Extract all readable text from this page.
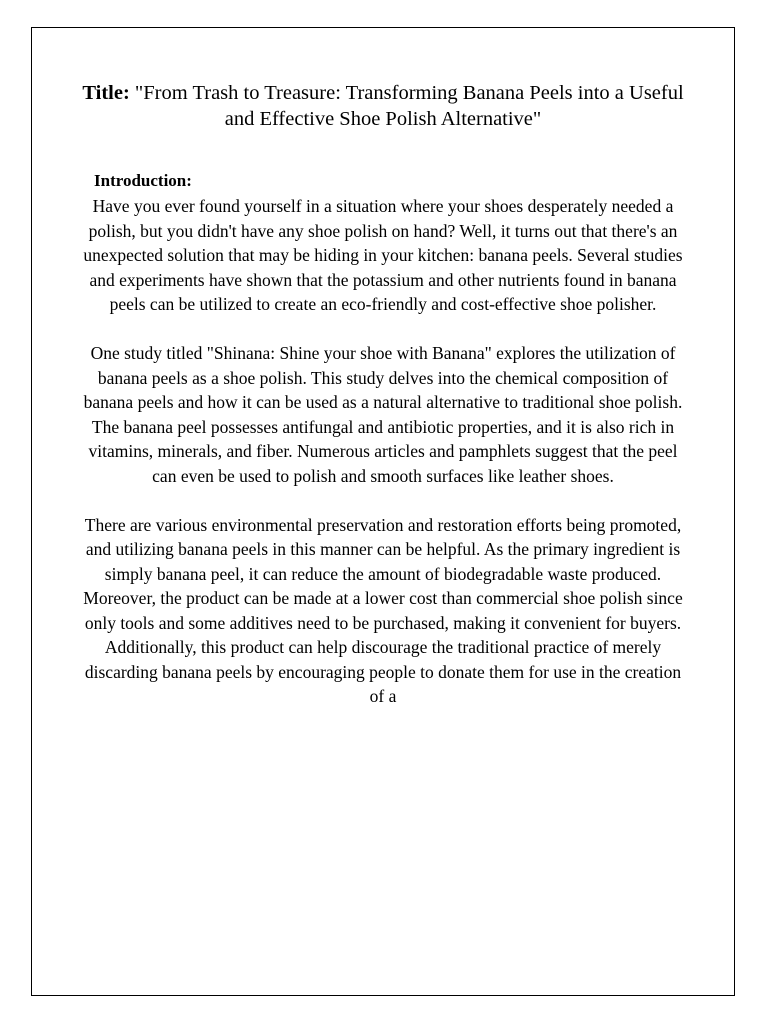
Title: "From Trash to Treasure: Transforming Banana Peels into a Useful and Effective Shoe Polish Alternative"
Introduction:

Have you ever found yourself in a situation where your shoes desperately needed a polish, but you didn't have any shoe polish on hand? Well, it turns out that there's an unexpected solution that may be hiding in your kitchen: banana peels. Several studies and experiments have shown that the potassium and other nutrients found in banana peels can be utilized to create an eco-friendly and cost-effective shoe polisher.

One study titled "Shinana: Shine your shoe with Banana" explores the utilization of banana peels as a shoe polish. This study delves into the chemical composition of banana peels and how it can be used as a natural alternative to traditional shoe polish. The banana peel possesses antifungal and antibiotic properties, and it is also rich in vitamins, minerals, and fiber. Numerous articles and pamphlets suggest that the peel can even be used to polish and smooth surfaces like leather shoes.

There are various environmental preservation and restoration efforts being promoted, and utilizing banana peels in this manner can be helpful. As the primary ingredient is simply banana peel, it can reduce the amount of biodegradable waste produced. Moreover, the product can be made at a lower cost than commercial shoe polish since only tools and some additives need to be purchased, making it convenient for buyers. Additionally, this product can help discourage the traditional practice of merely discarding banana peels by encouraging people to donate them for use in the creation of a
